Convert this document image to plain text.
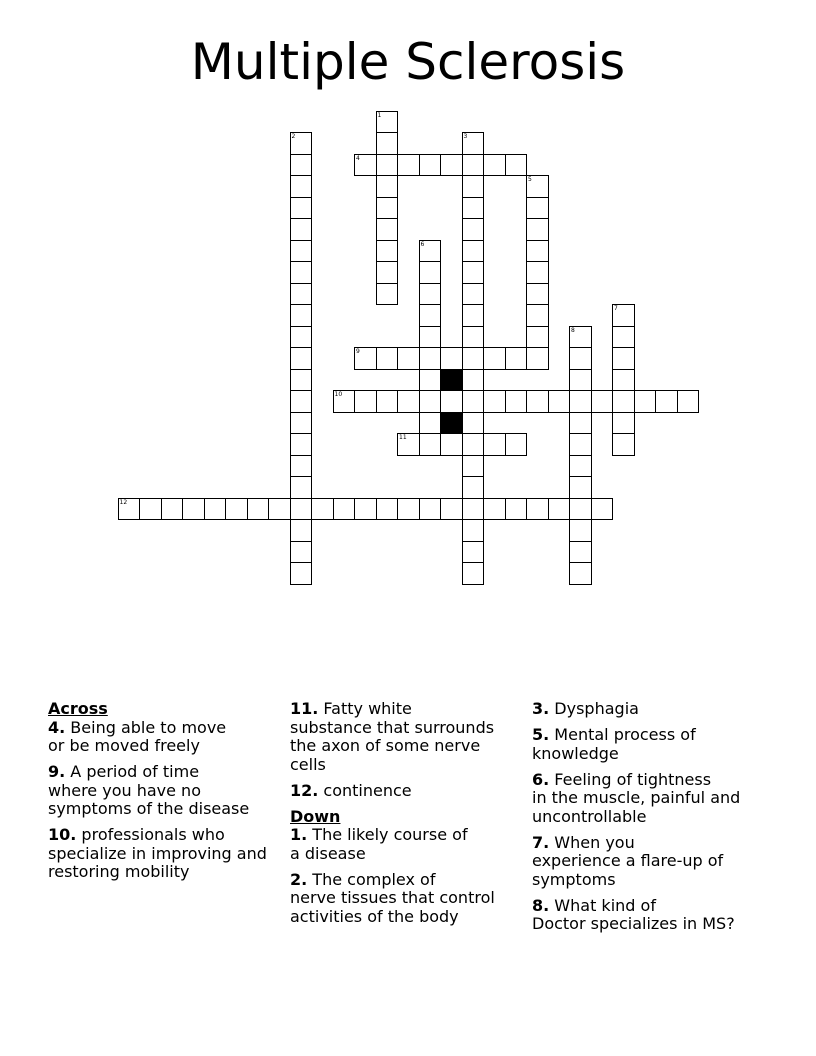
Multiple Sclerosis
1
2	3
4
5
6
7
8
9
10
11
12
Across
4. Being able to move
or be moved freely
9. A period of time
where you have no
symptoms of the disease
10. professionals who
specialize in improving and
restoring mobility
11. Fatty white
substance that surrounds
the axon of some nerve
cells
12. continence
Down
1. The likely course of
a disease
2. The complex of
nerve tissues that control
activities of the body
3. Dysphagia
5. Mental process of
knowledge
6. Feeling of tightness
in the muscle, painful and
uncontrollable
7. When you
experience a flare-up of
symptoms
8. What kind of
Doctor specializes in MS?
